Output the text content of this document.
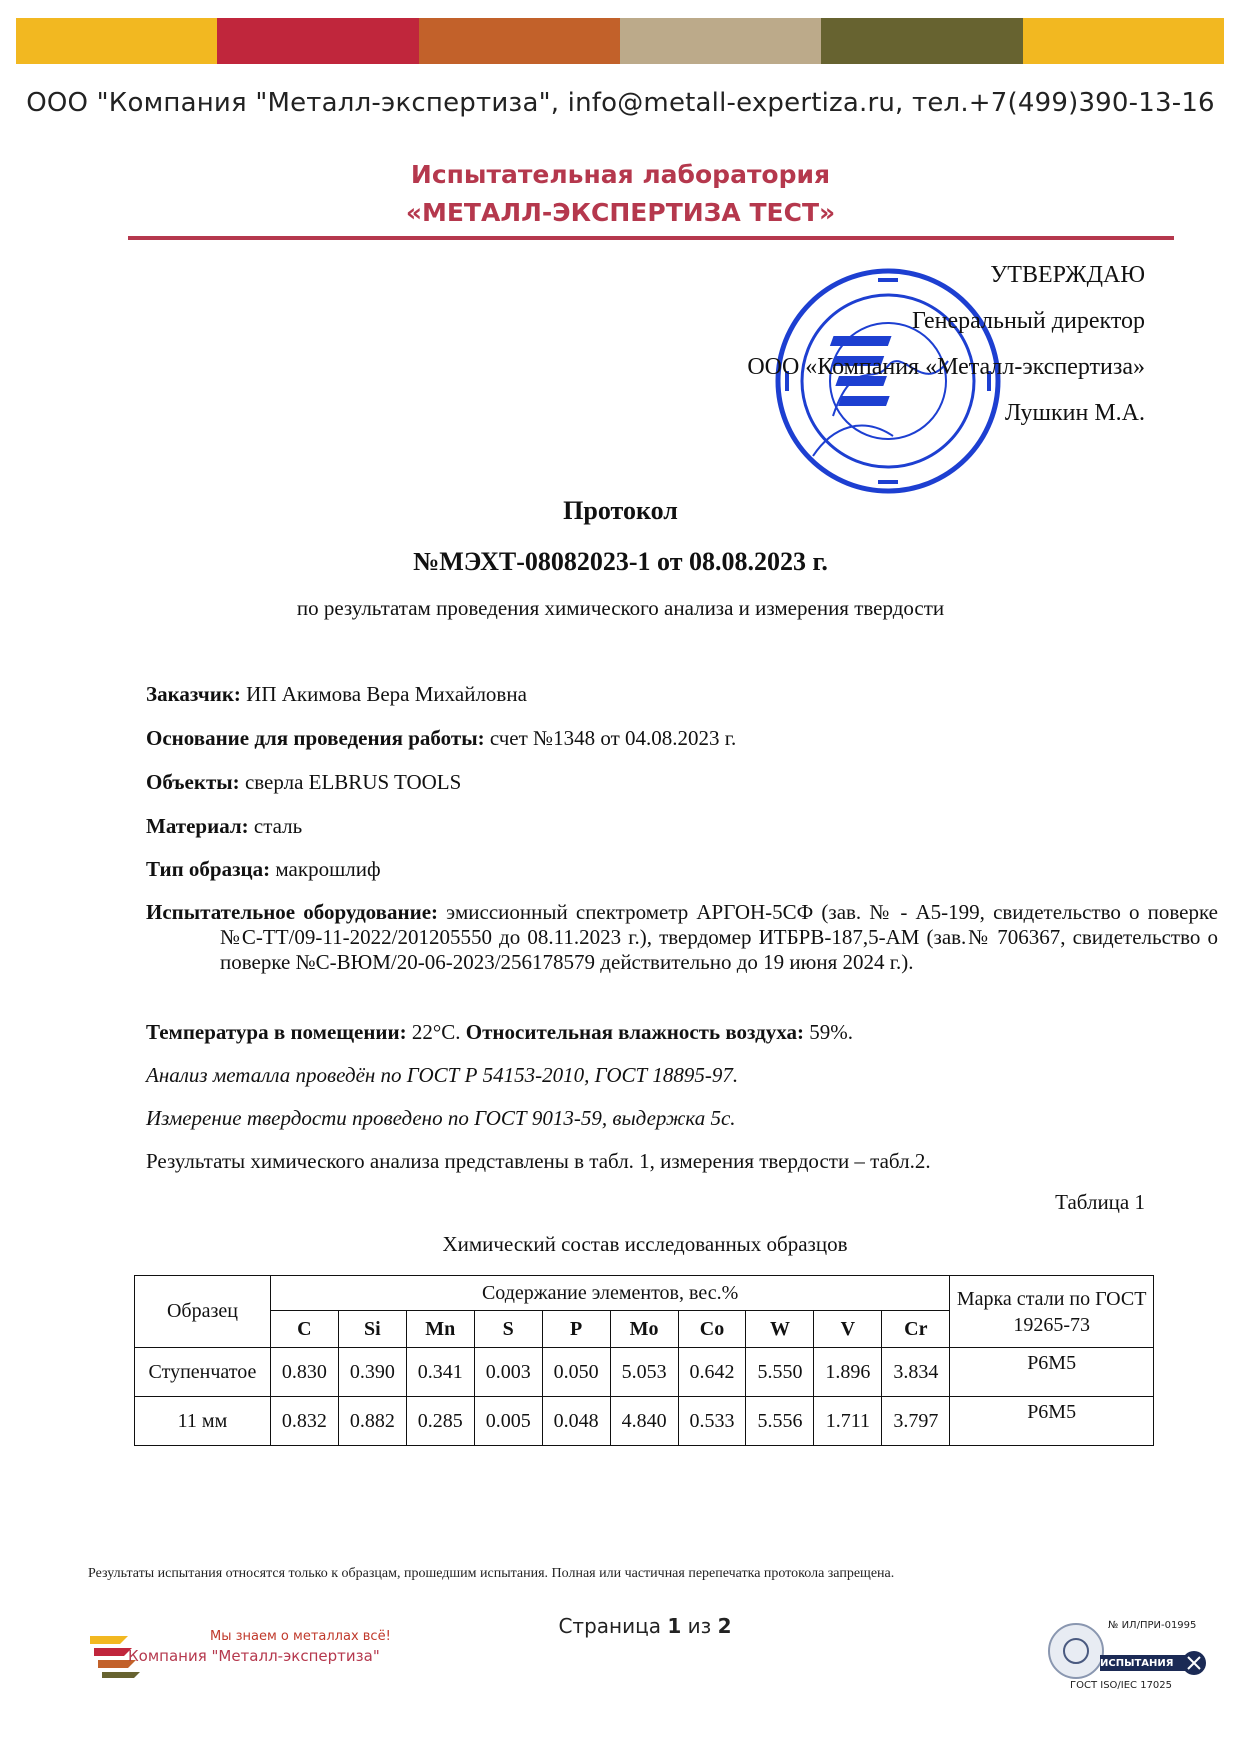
ООО "Компания "Металл-экспертиза", info@metall-expertiza.ru, тел.+7(499)390-13-16
Испытательная лаборатория
«МЕТАЛЛ-ЭКСПЕРТИЗА ТЕСТ»
УТВЕРЖДАЮ
Генеральный директор
ООО «Компания «Металл-экспертиза»
Лушкин М.А.
Протокол
№МЭХТ-08082023-1 от 08.08.2023 г.
по результатам проведения химического анализа и измерения твердости
Заказчик: ИП Акимова Вера Михайловна
Основание для проведения работы: счет №1348 от 04.08.2023 г.
Объекты: сверла ELBRUS TOOLS
Материал: сталь
Тип образца: макрошлиф
Испытательное оборудование: эмиссионный спектрометр АРГОН-5СФ (зав. № - А5-199, свидетельство о поверке №С-ТТ/09-11-2022/201205550 до 08.11.2023 г.), твердомер ИТБРВ-187,5-АМ (зав.№ 706367, свидетельство о поверке №С-ВЮМ/20-06-2023/256178579 действительно до 19 июня 2024 г.).
Температура в помещении: 22°С. Относительная влажность воздуха: 59%.
Анализ металла проведён по ГОСТ Р 54153-2010, ГОСТ 18895-97.
Измерение твердости проведено по ГОСТ 9013-59, выдержка 5с.
Результаты химического анализа представлены в табл. 1, измерения твердости – табл.2.
Таблица 1
Химический состав исследованных образцов
Образец	Содержание элементов, вес.%										Марка стали по ГОСТ 19265-73
	C	Si	Mn	S	P	Mo	Co	W	V	Cr	
Ступенчатое	0.830	0.390	0.341	0.003	0.050	5.053	0.642	5.550	1.896	3.834	Р6М5
11 мм	0.832	0.882	0.285	0.005	0.048	4.840	0.533	5.556	1.711	3.797	Р6М5
Результаты испытания относятся только к образцам, прошедшим испытания. Полная или частичная перепечатка протокола запрещена.
Страница 1 из 2
Мы знаем о металлах всё!
Компания "Металл-экспертиза"
№ ИЛ/ПРИ-01995
ИСПЫТАНИЯ
ГОСТ ISO/IEC 17025
